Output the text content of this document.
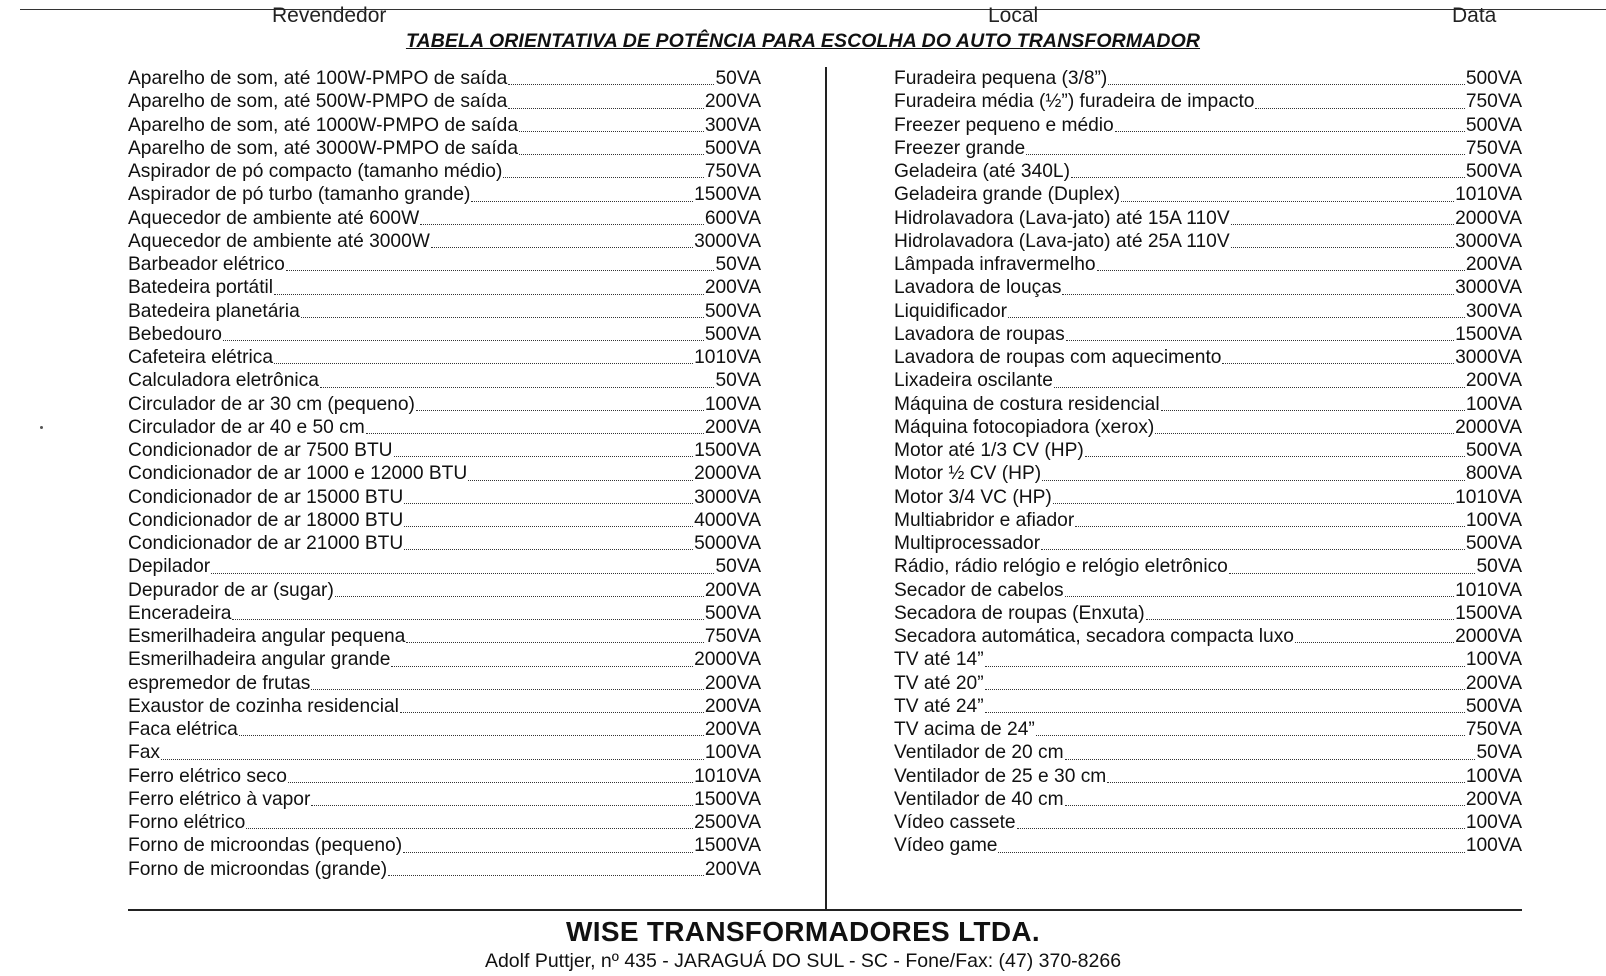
Revendedor	Local	Data
TABELA ORIENTATIVA DE POTÊNCIA PARA ESCOLHA DO AUTO TRANSFORMADOR
Aparelho de som, até 100W-PMPO de saída	50VA
Aparelho de som, até 500W-PMPO de saída	200VA
Aparelho de som, até 1000W-PMPO de saída	300VA
Aparelho de som, até 3000W-PMPO de saída	500VA
Aspirador de pó compacto (tamanho médio)	750VA
Aspirador de pó turbo (tamanho grande)	1500VA
Aquecedor de ambiente até 600W	600VA
Aquecedor de ambiente até 3000W	3000VA
Barbeador elétrico	50VA
Batedeira portátil	200VA
Batedeira planetária	500VA
Bebedouro	500VA
Cafeteira elétrica	1010VA
Calculadora eletrônica	50VA
Circulador de ar 30 cm (pequeno)	100VA
Circulador de ar 40 e 50 cm	200VA
Condicionador de ar 7500 BTU	1500VA
Condicionador de ar 1000 e 12000 BTU	2000VA
Condicionador de ar 15000 BTU	3000VA
Condicionador de ar 18000 BTU	4000VA
Condicionador de ar 21000 BTU	5000VA
Depilador	50VA
Depurador de ar (sugar)	200VA
Enceradeira	500VA
Esmerilhadeira angular pequena	750VA
Esmerilhadeira angular grande	2000VA
espremedor de frutas	200VA
Exaustor de cozinha residencial	200VA
Faca elétrica	200VA
Fax	100VA
Ferro elétrico seco	1010VA
Ferro elétrico à vapor	1500VA
Forno elétrico	2500VA
Forno de microondas (pequeno)	1500VA
Forno de microondas (grande)	200VA
Furadeira pequena (3/8”)	500VA
Furadeira média (½”) furadeira de impacto	750VA
Freezer pequeno e médio	500VA
Freezer grande	750VA
Geladeira (até 340L)	500VA
Geladeira grande (Duplex)	1010VA
Hidrolavadora (Lava-jato) até 15A 110V	2000VA
Hidrolavadora (Lava-jato) até 25A 110V	3000VA
Lâmpada infravermelho	200VA
Lavadora de louças	3000VA
Liquidificador	300VA
Lavadora de roupas	1500VA
Lavadora de roupas com aquecimento	3000VA
Lixadeira oscilante	200VA
Máquina de costura residencial	100VA
Máquina fotocopiadora (xerox)	2000VA
Motor até 1/3 CV (HP)	500VA
Motor ½ CV (HP)	800VA
Motor 3/4 VC (HP)	1010VA
Multiabridor e afiador	100VA
Multiprocessador	500VA
Rádio, rádio relógio e relógio eletrônico	50VA
Secador de cabelos	1010VA
Secadora de roupas (Enxuta)	1500VA
Secadora automática, secadora compacta luxo	2000VA
TV até 14”	100VA
TV até 20”	200VA
TV até 24”	500VA
TV acima de 24”	750VA
Ventilador de 20 cm	50VA
Ventilador de 25 e 30 cm	100VA
Ventilador de 40 cm	200VA
Vídeo cassete	100VA
Vídeo game	100VA
WISE TRANSFORMADORES LTDA.
Adolf Puttjer, nº 435 - JARAGUÁ DO SUL - SC - Fone/Fax: (47) 370-8266
